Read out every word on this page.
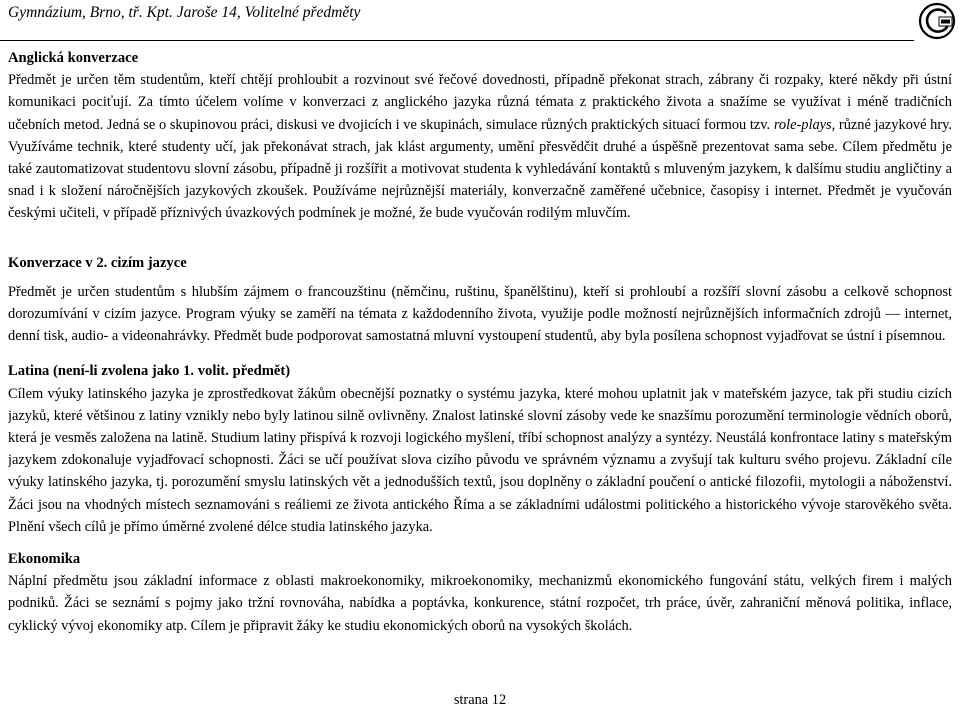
Gymnázium, Brno, tř. Kpt. Jaroše 14, Volitelné předměty

Anglická konverzace

Předmět je určen těm studentům, kteří chtějí prohloubit a rozvinout své řečové dovednosti, případně překonat strach, zábrany či rozpaky, které někdy při ústní komunikaci pociťují. Za tímto účelem volíme v konverzaci z anglického jazyka různá témata z praktického života a snažíme se využívat i méně tradičních učebních metod. Jedná se o skupinovou práci, diskusi ve dvojicích i ve skupinách, simulace různých praktických situací formou tzv. role-plays, různé jazykové hry. Využíváme technik, které studenty učí, jak překonávat strach, jak klást argumenty, umění přesvědčit druhé a úspěšně prezentovat sama sebe. Cílem předmětu je také zautomatizovat studentovu slovní zásobu, případně ji rozšířit a motivovat studenta k vyhledávání kontaktů s mluveným jazykem, k dalšímu studiu angličtiny a snad i k složení náročnějších jazykových zkoušek. Používáme nejrůznější materiály, konverzačně zaměřené učebnice, časopisy i internet. Předmět je vyučován českými učiteli, v případě příznivých úvazkových podmínek je možné, že bude vyučován rodilým mluvčím.

Konverzace v 2. cizím jazyce

Předmět je určen studentům s hlubším zájmem o francouzštinu (němčinu, ruštinu, španělštinu), kteří si prohloubí a rozšíří slovní zásobu a celkově schopnost dorozumívání v cizím jazyce. Program výuky se zaměří na témata z každodenního života, využije podle možností nejrůznějších informačních zdrojů — internet, denní tisk, audio- a videonahrávky. Předmět bude podporovat samostatná mluvní vystoupení studentů, aby byla posílena schopnost vyjadřovat se ústní i písemnou.

Latina (není-li zvolena jako 1. volit. předmět)

Cílem výuky latinského jazyka je zprostředkovat žákům obecnější poznatky o systému jazyka, které mohou uplatnit jak v mateřském jazyce, tak při studiu cizích jazyků, které většinou z latiny vznikly nebo byly latinou silně ovlivněny. Znalost latinské slovní zásoby vede ke snazšímu porozumění terminologie vědních oborů, která je vesměs založena na latině. Studium latiny přispívá k rozvoji logického myšlení, tříbí schopnost analýzy a syntézy. Neustálá konfrontace latiny s mateřským jazykem zdokonaluje vyjadřovací schopnosti. Žáci se učí používat slova cizího původu ve správném významu a zvyšují tak kulturu svého projevu. Základní cíle výuky latinského jazyka, tj. porozumění smyslu latinských vět a jednodušších textů, jsou doplněny o základní poučení o antické filozofii, mytologii a náboženství. Žáci jsou na vhodných místech seznamováni s reáliemi ze života antického Říma a se základními událostmi politického a historického vývoje starověkého světa. Plnění všech cílů je přímo úměrné zvolené délce studia latinského jazyka.

Ekonomika

Náplní předmětu jsou základní informace z oblasti makroekonomiky, mikroekonomiky, mechanizmů ekonomického fungování státu, velkých firem i malých podniků. Žáci se seznámí s pojmy jako tržní rovnováha, nabídka a poptávka, konkurence, státní rozpočet, trh práce, úvěr, zahraniční měnová politika, inflace, cyklický vývoj ekonomiky atp. Cílem je připravit žáky ke studiu ekonomických oborů na vysokých školách.

strana 12
